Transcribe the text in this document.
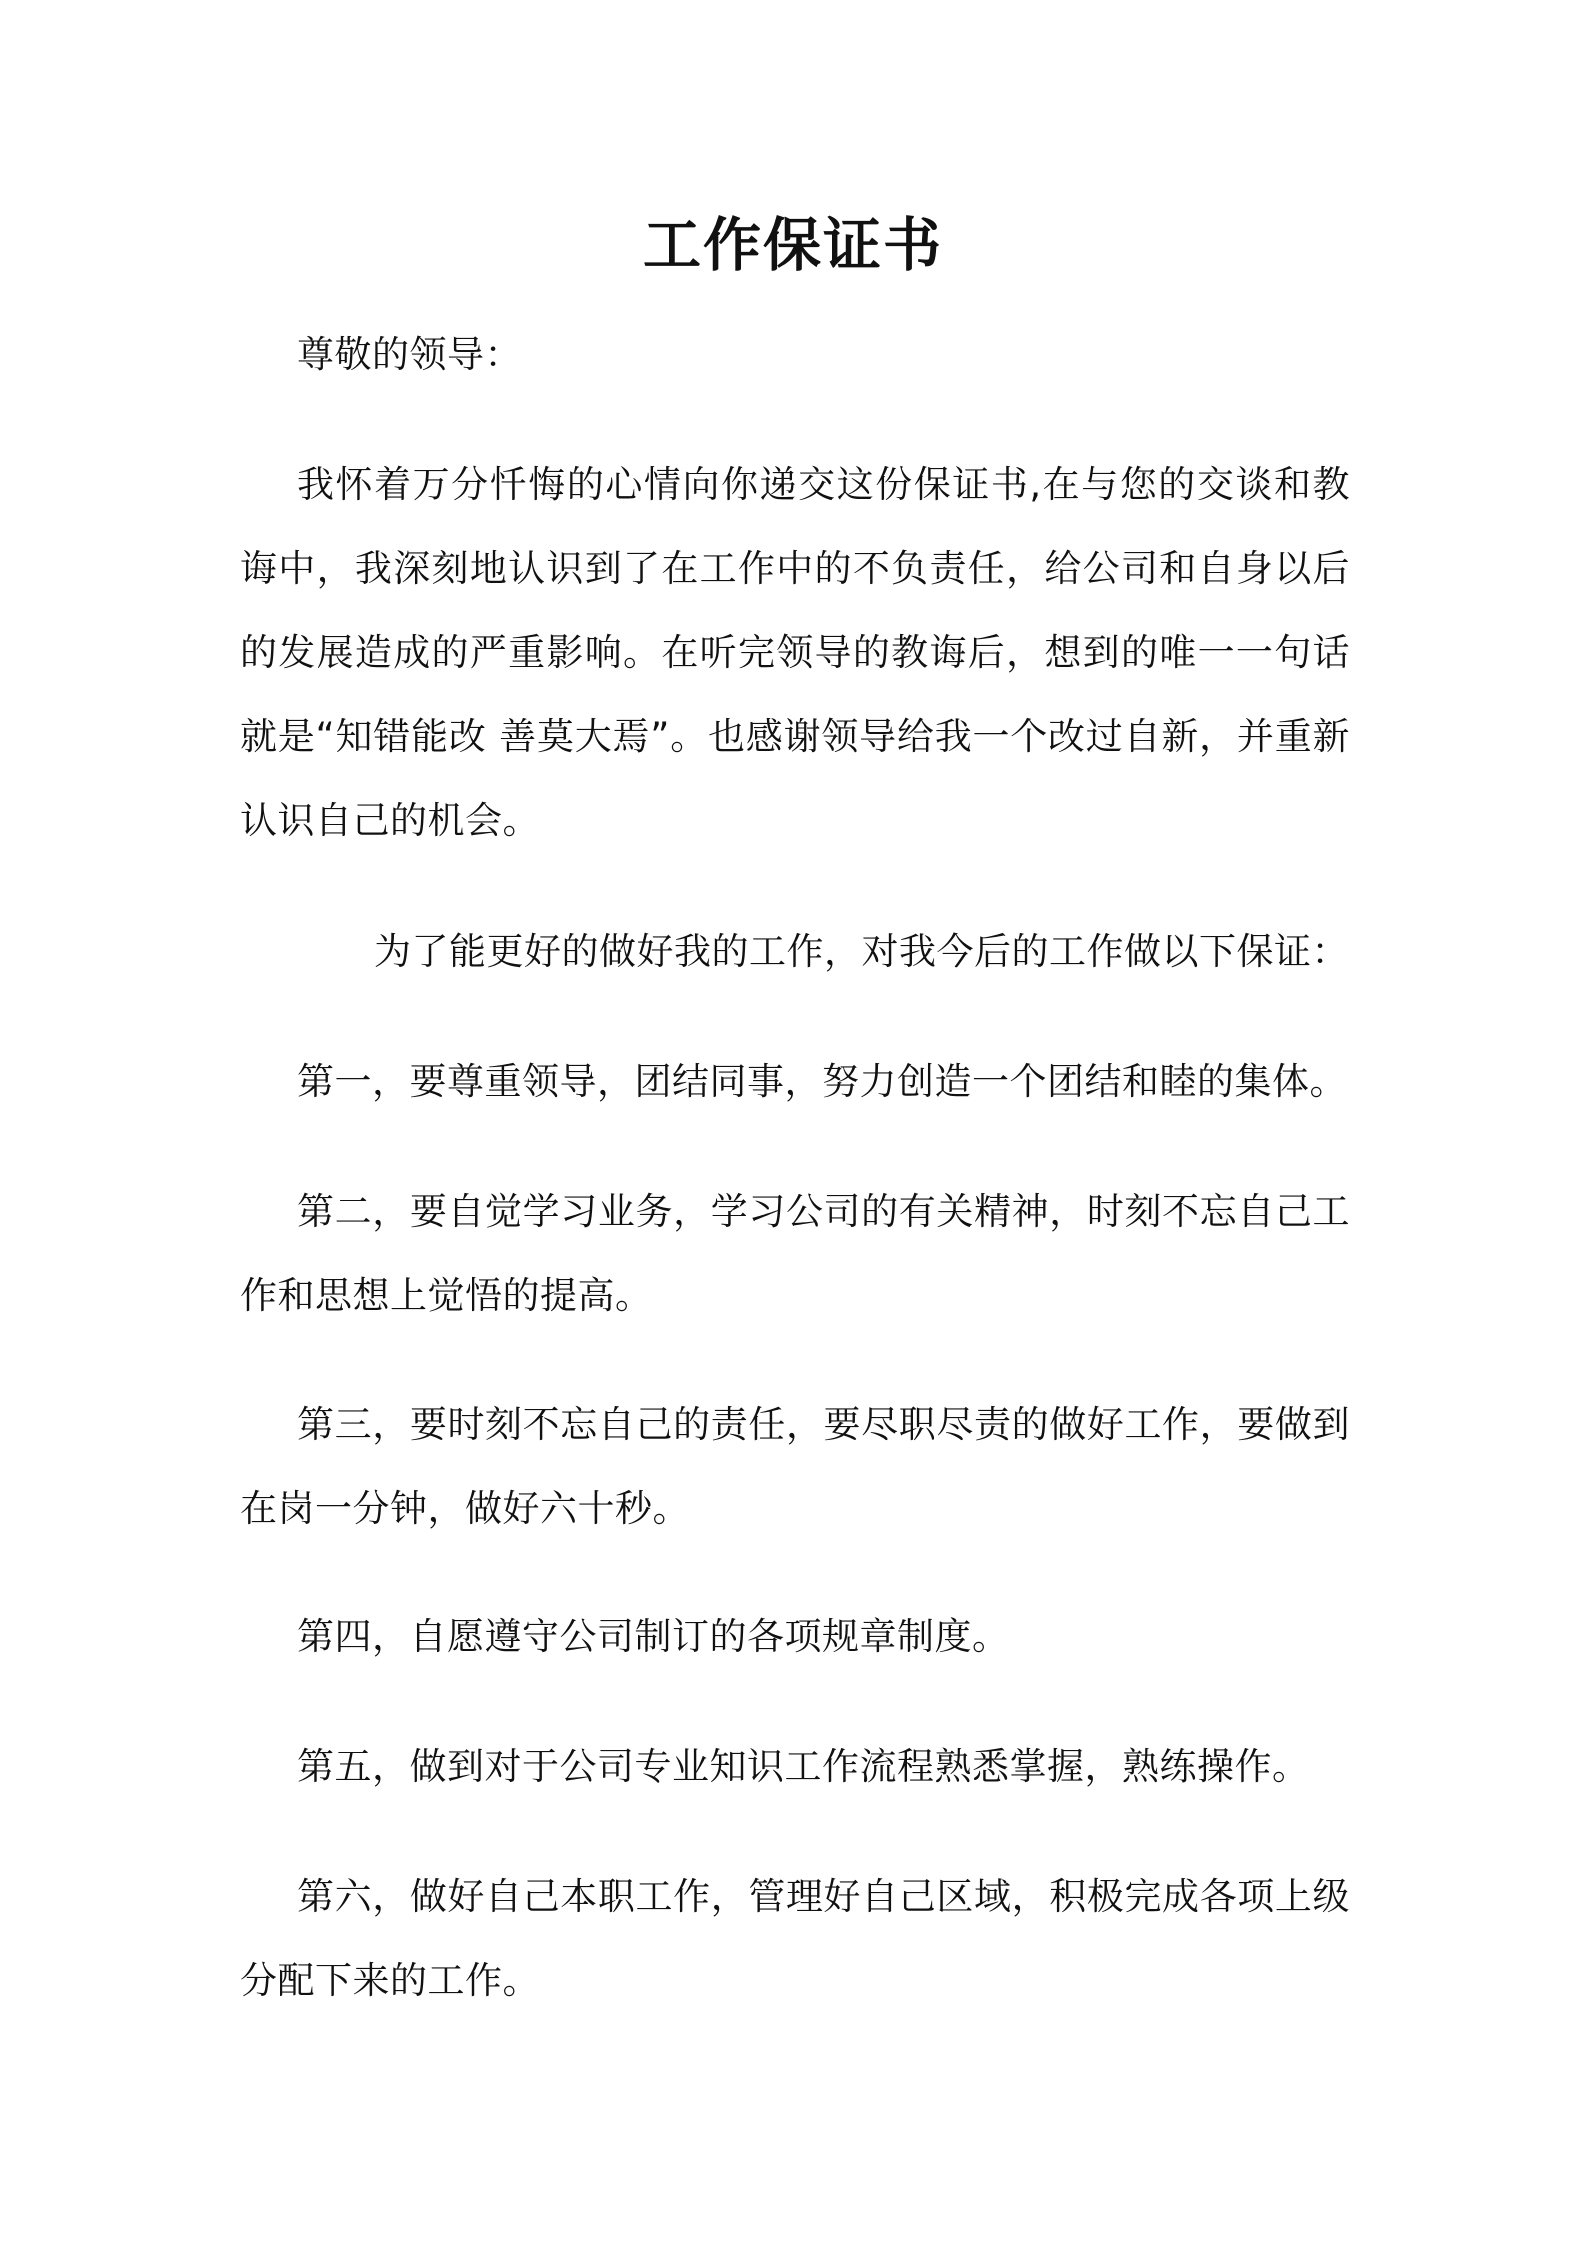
工作保证书

尊敬的领导：

我怀着万分忏悔的心情向你递交这份保证书,在与您的交谈和教诲中，我深刻地认识到了在工作中的不负责任，给公司和自身以后的发展造成的严重影响。在听完领导的教诲后，想到的唯一一句话就是“知错能改 善莫大焉”。也感谢领导给我一个改过自新，并重新认识自己的机会。

为了能更好的做好我的工作，对我今后的工作做以下保证：

第一，要尊重领导，团结同事，努力创造一个团结和睦的集体。

第二，要自觉学习业务，学习公司的有关精神，时刻不忘自己工作和思想上觉悟的提高。

第三，要时刻不忘自己的责任，要尽职尽责的做好工作，要做到在岗一分钟，做好六十秒。

第四，自愿遵守公司制订的各项规章制度。

第五，做到对于公司专业知识工作流程熟悉掌握，熟练操作。

第六，做好自己本职工作，管理好自己区域，积极完成各项上级分配下来的工作。
